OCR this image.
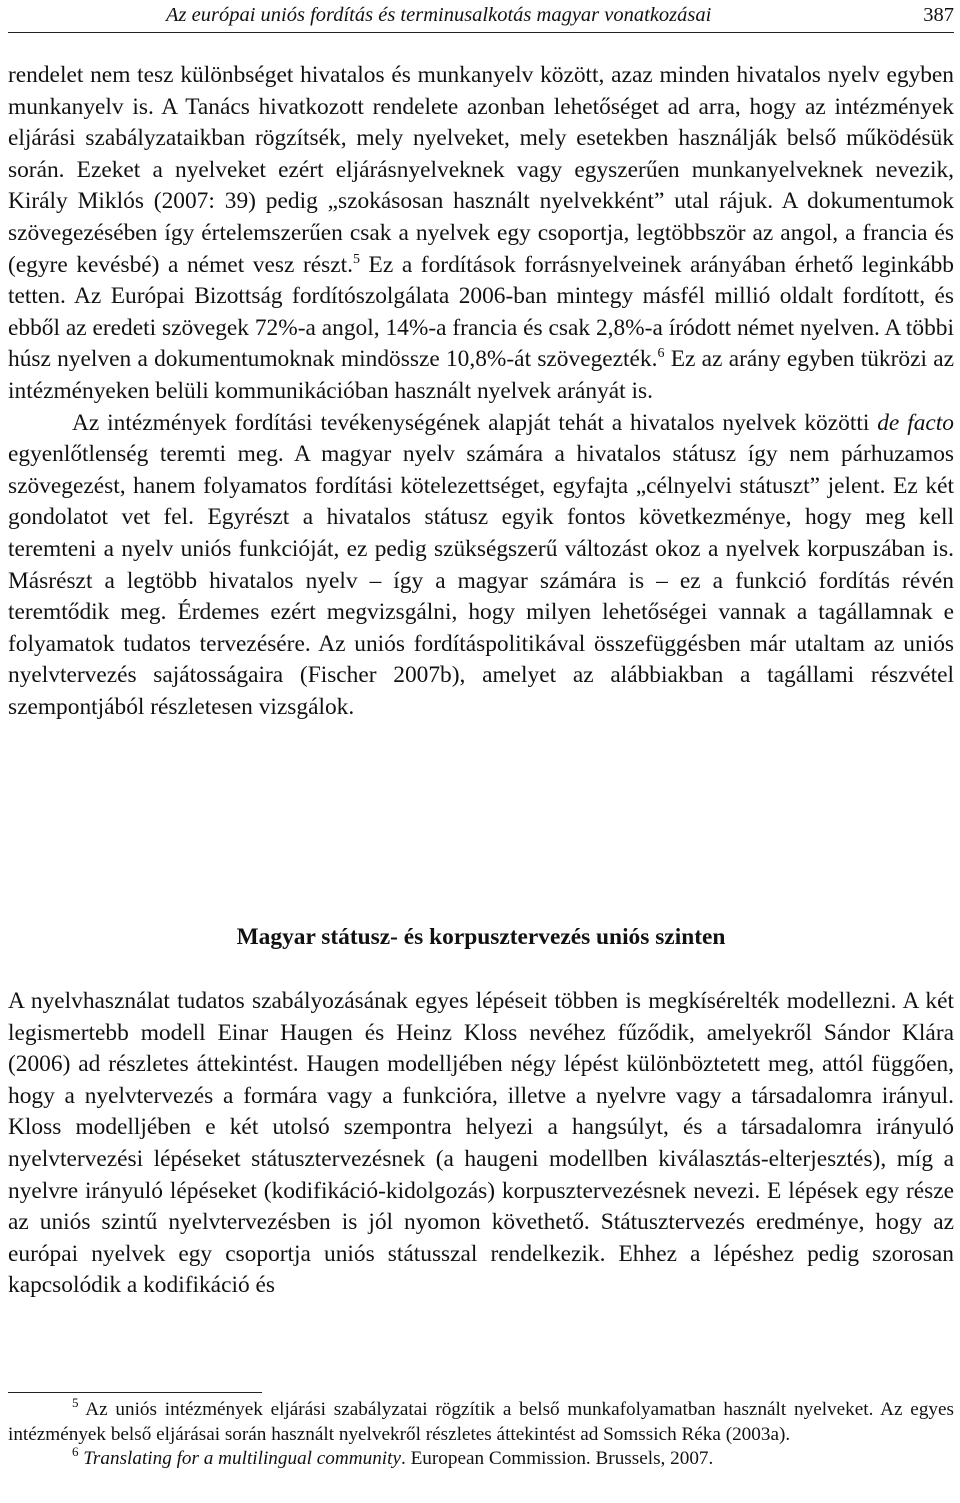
Az európai uniós fordítás és terminusalkotás magyar vonatkozásai	387

rendelet nem tesz különbséget hivatalos és munkanyelv között, azaz minden hivatalos nyelv egyben munkanyelv is. A Tanács hivatkozott rendelete azonban lehetőséget ad arra, hogy az intézmények eljárási szabályzataikban rögzítsék, mely nyelveket, mely esetekben használják belső működésük során. Ezeket a nyelveket ezért eljárásnyelveknek vagy egyszerűen munkanyelveknek nevezik, Király Miklós (2007: 39) pedig „szokásosan használt nyelvekként” utal rájuk. A dokumentumok szövegezésében így értelemszerűen csak a nyelvek egy csoportja, legtöbbször az angol, a francia és (egyre kevésbé) a német vesz részt.$^5$ Ez a fordítások forrásnyelveinek arányában érhető leginkább tetten. Az Európai Bizottság fordítószolgálata 2006-ban mintegy másfél millió oldalt fordított, és ebből az eredeti szövegek 72%-a angol, 14%-a francia és csak 2,8%-a íródott német nyelven. A többi húsz nyelven a dokumentumoknak mindössze 10,8%-át szövegezték.$^6$ Ez az arány egyben tükrözi az intézményeken belüli kommunikációban használt nyelvek arányát is.

Az intézmények fordítási tevékenységének alapját tehát a hivatalos nyelvek közötti de facto egyenlőtlenség teremti meg. A magyar nyelv számára a hivatalos státusz így nem párhuzamos szövegezést, hanem folyamatos fordítási kötelezettséget, egyfajta „célnyelvi státuszt” jelent. Ez két gondolatot vet fel. Egyrészt a hivatalos státusz egyik fontos következménye, hogy meg kell teremteni a nyelv uniós funkcióját, ez pedig szükségszerű változást okoz a nyelvek korpuszában is. Másrészt a legtöbb hivatalos nyelv – így a magyar számára is – ez a funkció fordítás révén teremtődik meg. Érdemes ezért megvizsgálni, hogy milyen lehetőségei vannak a tagállamnak e folyamatok tudatos tervezésére. Az uniós fordításpolitikával összefüggésben már utaltam az uniós nyelvtervezés sajátosságaira (Fischer 2007b), amelyet az alábbiakban a tagállami részvétel szempontjából részletesen vizsgálok.

Magyar státusz- és korpusztervezés uniós szinten

A nyelvhasználat tudatos szabályozásának egyes lépéseit többen is megkísérelték modellezni. A két legismertebb modell Einar Haugen és Heinz Kloss nevéhez fűződik, amelyekről Sándor Klára (2006) ad részletes áttekintést. Haugen modelljében négy lépést különböztetett meg, attól függően, hogy a nyelvtervezés a formára vagy a funkcióra, illetve a nyelvre vagy a társadalomra irányul. Kloss modelljében e két utolsó szempontra helyezi a hangsúlyt, és a társadalomra irányuló nyelvtervezési lépéseket státusztervezésnek (a haugeni modellben kiválasztás-elterjesztés), míg a nyelvre irányuló lépéseket (kodifikáció-kidolgozás) korpusztervezésnek nevezi. E lépések egy része az uniós szintű nyelvtervezésben is jól nyomon követhető. Státusztervezés eredménye, hogy az európai nyelvek egy csoportja uniós státusszal rendelkezik. Ehhez a lépéshez pedig szorosan kapcsolódik a kodifikáció és

$^5$ Az uniós intézmények eljárási szabályzatai rögzítik a belső munkafolyamatban használt nyelveket. Az egyes intézmények belső eljárásai során használt nyelvekről részletes áttekintést ad Somssich Réka (2003a).

$^6$ Translating for a multilingual community. European Commission. Brussels, 2007.
